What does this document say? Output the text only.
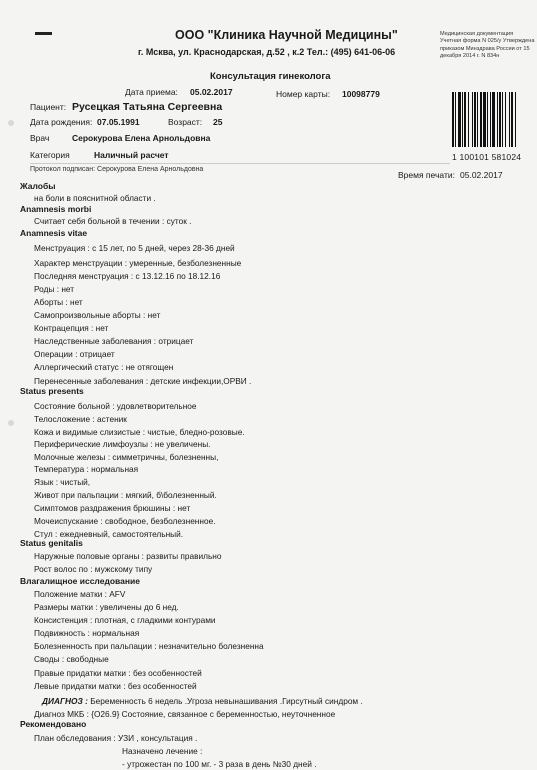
ООО "Клиника Научной Медицины"
г. Мсква, ул. Краснодарская, д.52 , к.2 Тел.: (495) 641-06-06
Медицинская документация Учетная форма N 025/у Утверждена приказом Минздрава России от 15 декабря 2014 г. N 834н
1 100101 581024
Консультация гинеколога
Дата приема: 05.02.2017	Номер карты: 10098779
Пациент: Русецкая Татьяна Сергеевна
Дата рождения: 07.05.1991	Возраст: 25
Врач	Серокурова Елена Арнольдовна
Категория	Наличный расчет
Протокол подписан: Серокурова Елена Арнольдовна
Время печати: 05.02.2017
Жалобы
на боли в пояснитной области .
Anamnesis morbi
Считает себя больной в течении : суток .
Anamnesis vitae
Менструация : с 15 лет, по 5 дней, через 28-36 дней
Характер менструации : умеренные, безболезненные
Последняя менструация : с 13.12.16 по 18.12.16
Роды : нет
Аборты : нет
Самопроизвольные аборты : нет
Контрацепция : нет
Наследственные заболевания : отрицает
Операции : отрицает
Аллергический статус : не отягощен
Перенесенные заболевания : детские инфекции,ОРВИ .
Status presents
Состояние больной : удовлетворительное
Телосложение : астеник
Кожа и видимые слизистые : чистые, бледно-розовые.
Периферические лимфоузлы : не увеличены.
Молочные железы : симметричны, болезненны,
Температура : нормальная
Язык : чистый,
Живот при пальпации : мягкий, б\болезненный.
Симптомов раздражения брюшины : нет
Мочеиспускание : свободное, безболезненное.
Стул : ежедневный, самостоятельный.
Status genitalis
Наружные половые органы : развиты правильно
Рост волос по : мужскому типу
Влагалищное исследование
Положение матки : AFV
Размеры матки : увеличены до 6 нед.
Консистенция : плотная, с гладкими контурами
Подвижность : нормальная
Болезненность при пальпации : незначительно болезненна
Своды : свободные
Правые придатки матки : без особенностей
Левые придатки матки : без особенностей
ДИАГНОЗ : Беременность 6 недель .Угроза невынашивания .Гирсутный синдром .
Диагноз МКБ : {O26.9} Состояние, связанное с беременностью, неуточненное
Рекомендовано
План обследования : УЗИ , консультация .
Назначено лечение :
- утрожестан по 100 мг. - 3 раза в день №30 дней .
